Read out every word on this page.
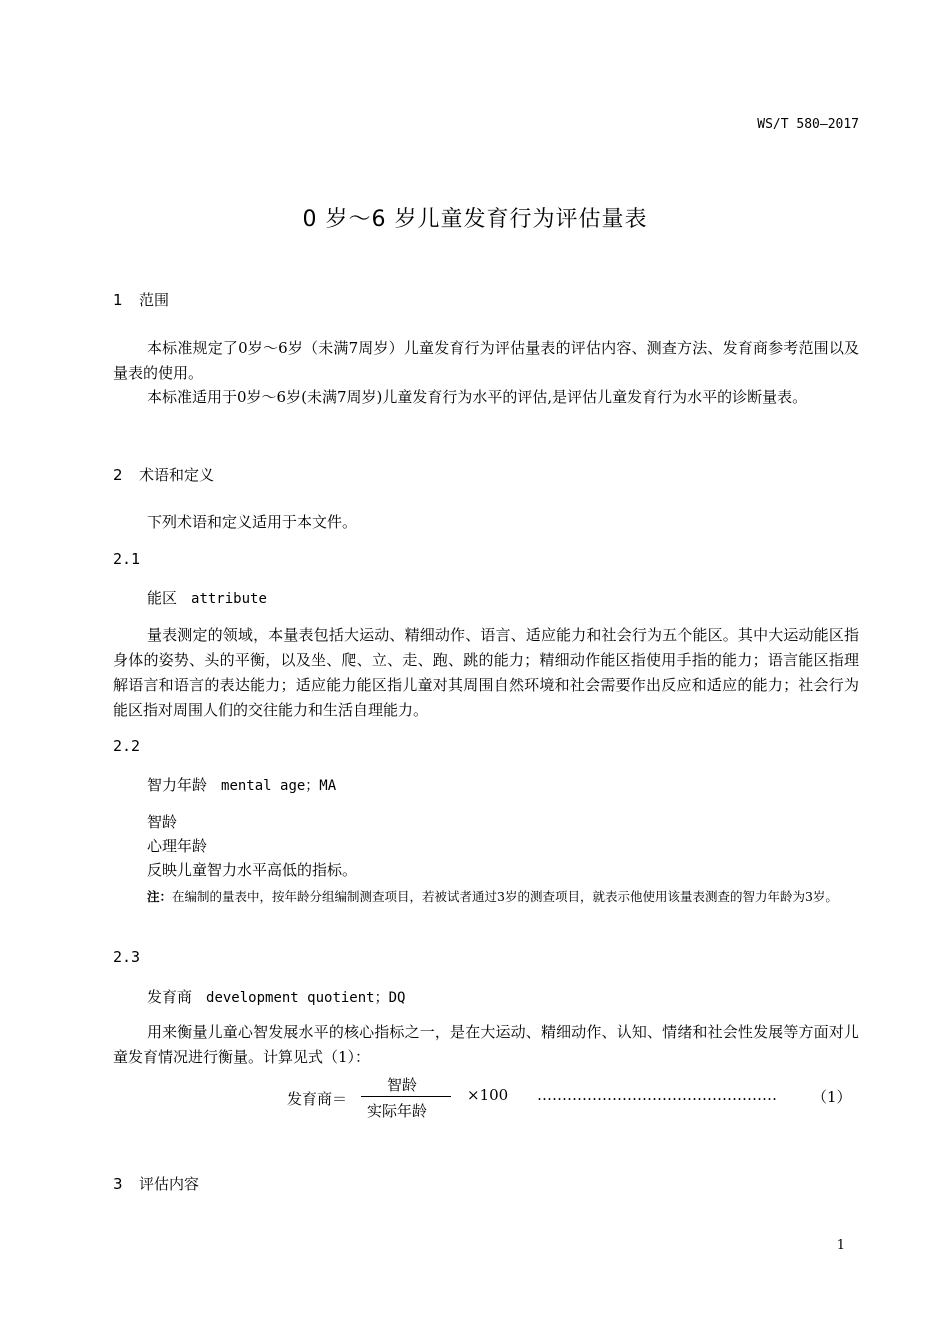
WS/T 580—2017
0 岁～6 岁儿童发育行为评估量表
1 范围
本标准规定了0岁～6岁（未满7周岁）儿童发育行为评估量表的评估内容、测查方法、发育商参考范围以及量表的使用。
本标准适用于0岁～6岁(未满7周岁)儿童发育行为水平的评估,是评估儿童发育行为水平的诊断量表。
2 术语和定义
下列术语和定义适用于本文件。
2.1
能区 attribute
量表测定的领域，本量表包括大运动、精细动作、语言、适应能力和社会行为五个能区。其中大运动能区指身体的姿势、头的平衡，以及坐、爬、立、走、跑、跳的能力；精细动作能区指使用手指的能力；语言能区指理解语言和语言的表达能力；适应能力能区指儿童对其周围自然环境和社会需要作出反应和适应的能力；社会行为能区指对周围人们的交往能力和生活自理能力。
2.2
智力年龄 mental age；MA
智龄
心理年龄
反映儿童智力水平高低的指标。
注：在编制的量表中，按年龄分组编制测查项目，若被试者通过3岁的测查项目，就表示他使用该量表测查的智力年龄为3岁。
2.3
发育商 development quotient；DQ
用来衡量儿童心智发展水平的核心指标之一，是在大运动、精细动作、认知、情绪和社会性发展等方面对儿童发育情况进行衡量。计算见式（1）：
发育商＝
智龄
实际年龄
×100 ………………………………………… （1）
3 评估内容
1
